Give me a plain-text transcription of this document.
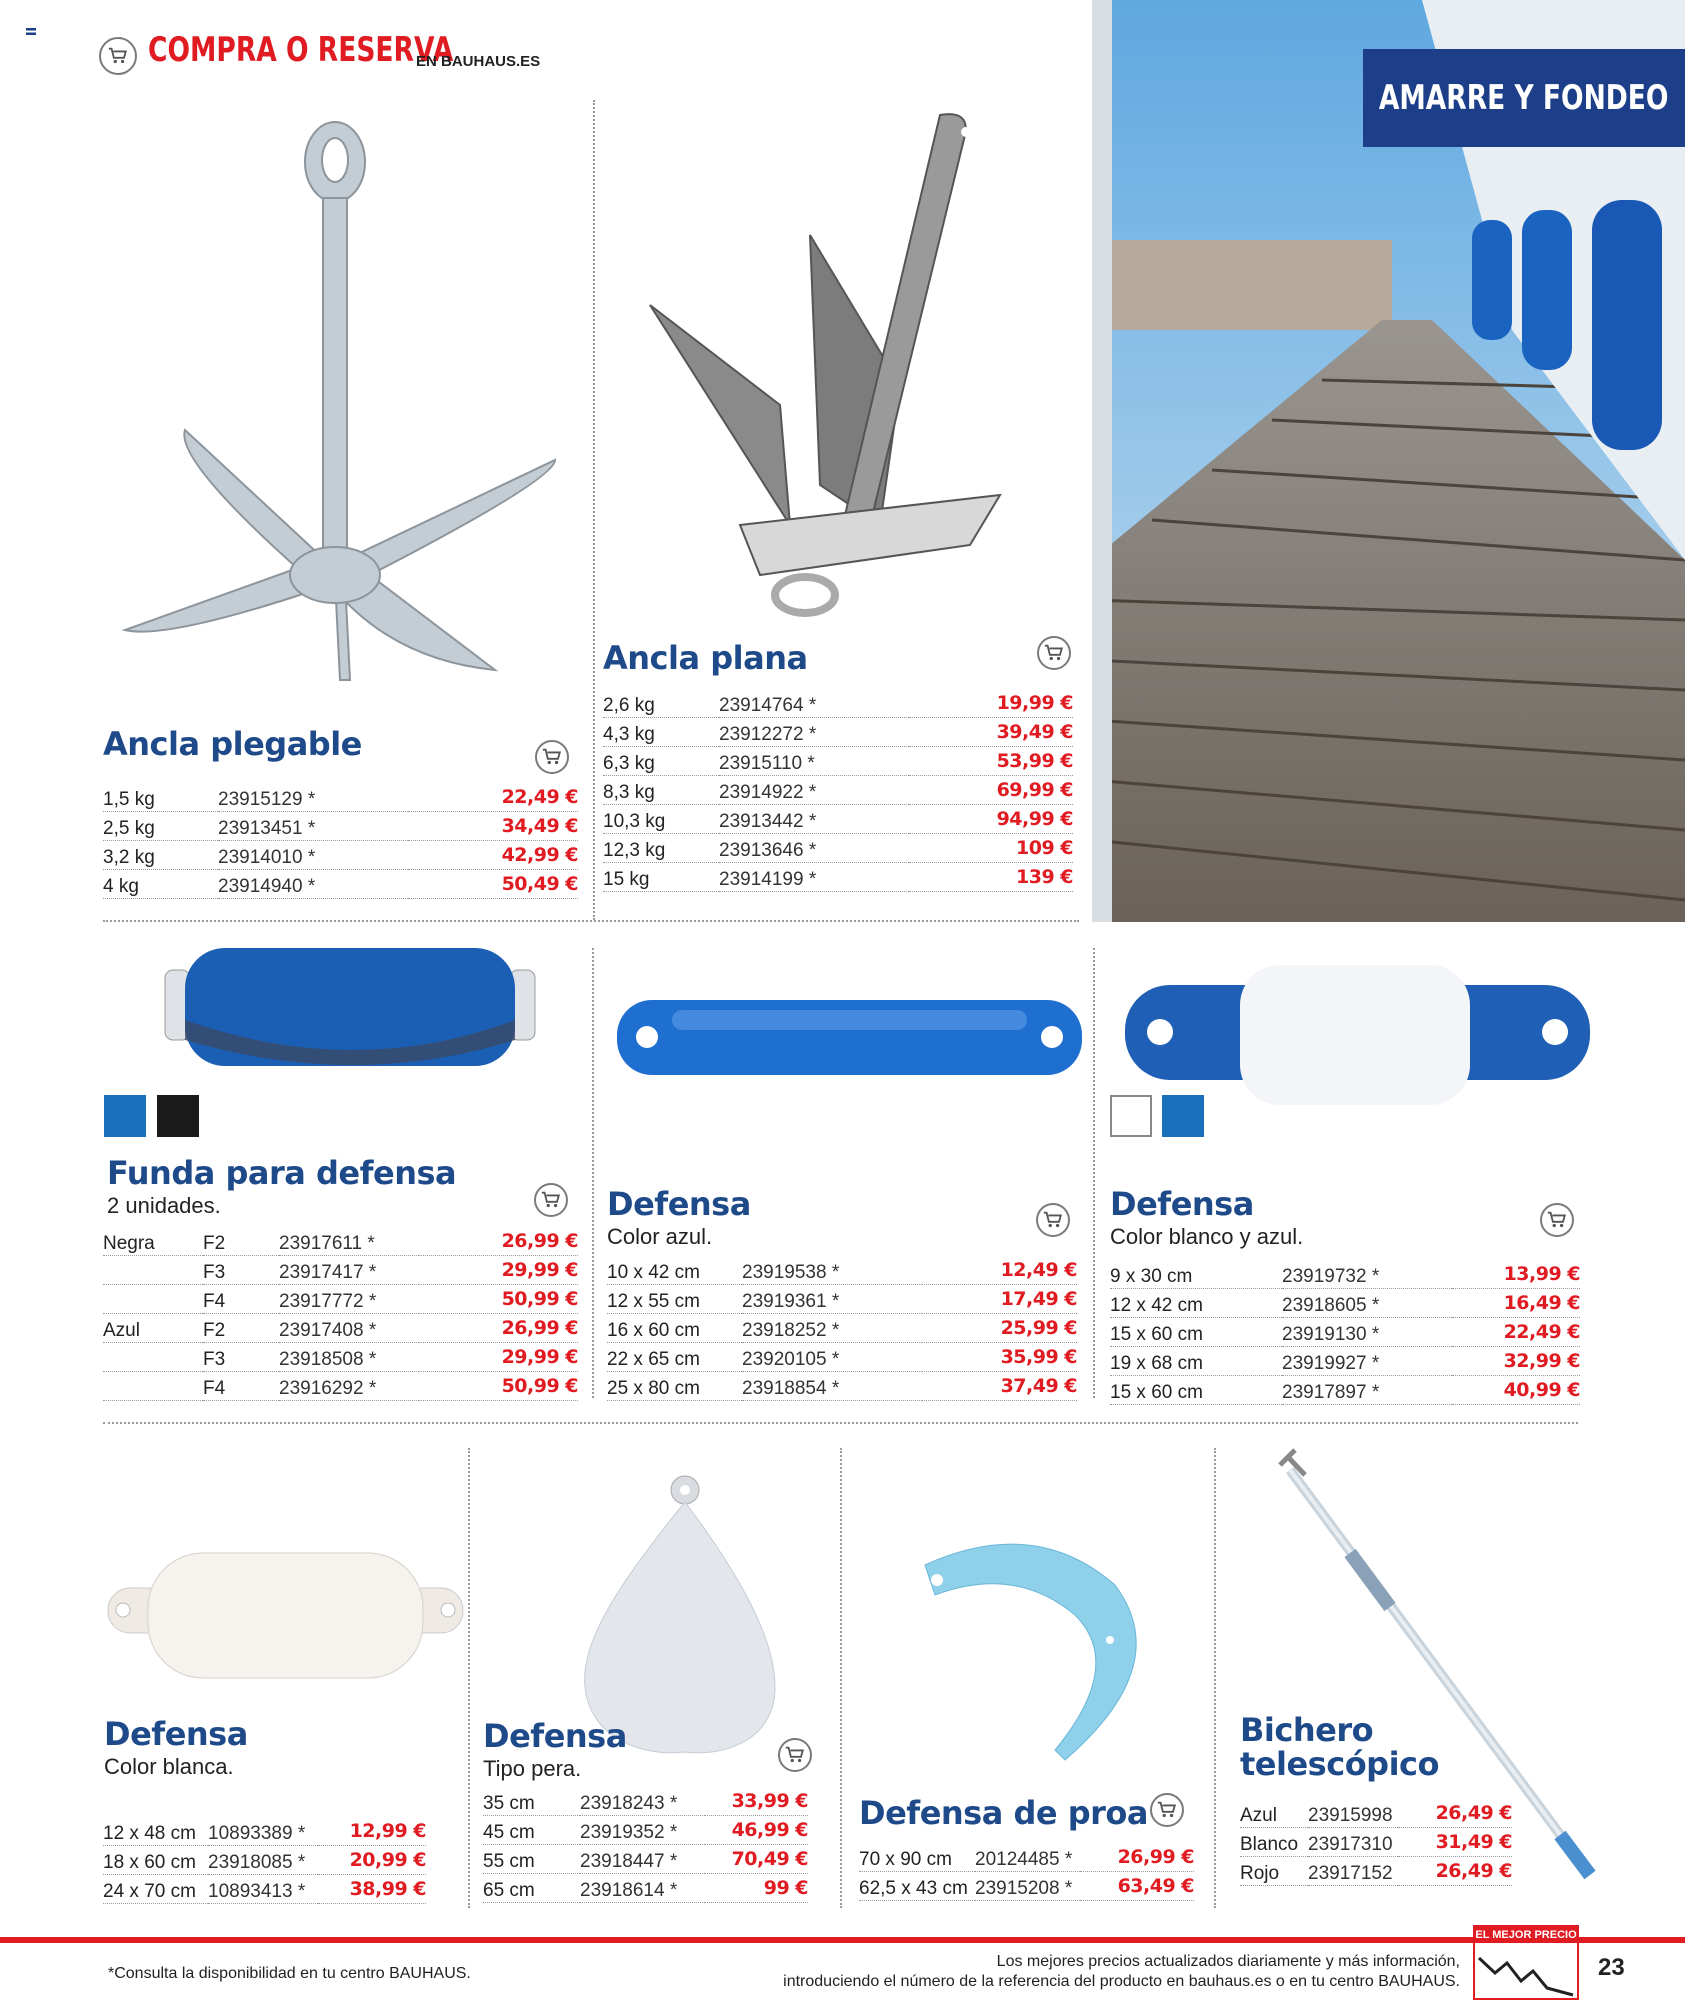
COMPRA O RESERVA
EN BAUHAUS.ES
AMARRE Y FONDEO

Ancla plegable

1,5 kg	23915129 *	22,49 €
2,5 kg	23913451 *	34,49 €
3,2 kg	23914010 *	42,99 €
4 kg	23914940 *	50,49 €

Ancla plana

2,6 kg	23914764 *	19,99 €
4,3 kg	23912272 *	39,49 €
6,3 kg	23915110 *	53,99 €
8,3 kg	23914922 *	69,99 €
10,3 kg	23913442 *	94,99 €
12,3 kg	23913646 *	109 €
15 kg	23914199 *	139 €

Funda para defensa

2 unidades.

Negra	F2	23917611 *	26,99 €
	F3	23917417 *	29,99 €
	F4	23917772 *	50,99 €
Azul	F2	23917408 *	26,99 €
	F3	23918508 *	29,99 €
	F4	23916292 *	50,99 €

Defensa

Color azul.

10 x 42 cm	23919538 *	12,49 €
12 x 55 cm	23919361 *	17,49 €
16 x 60 cm	23918252 *	25,99 €
22 x 65 cm	23920105 *	35,99 €
25 x 80 cm	23918854 *	37,49 €

Defensa

Color blanco y azul.

9 x 30 cm	23919732 *	13,99 €
12 x 42 cm	23918605 *	16,49 €
15 x 60 cm	23919130 *	22,49 €
19 x 68 cm	23919927 *	32,99 €
15 x 60 cm	23917897 *	40,99 €

Defensa

Color blanca.

12 x 48 cm	10893389 *	12,99 €
18 x 60 cm	23918085 *	20,99 €
24 x 70 cm	10893413 *	38,99 €

Defensa

Tipo pera.

35 cm	23918243 *	33,99 €
45 cm	23919352 *	46,99 €
55 cm	23918447 *	70,49 €
65 cm	23918614 *	99 €

Defensa de proa

70 x 90 cm	20124485 *	26,99 €
62,5 x 43 cm	23915208 *	63,49 €

Bichero

telescópico

Azul	23915998	26,49 €
Blanco	23917310	31,49 €
Rojo	23917152	26,49 €
*Consulta la disponibilidad en tu centro BAUHAUS.
Los mejores precios actualizados diariamente y más información,
introduciendo el número de la referencia del producto en bauhaus.es o en tu centro BAUHAUS.
EL MEJOR PRECIO
23
